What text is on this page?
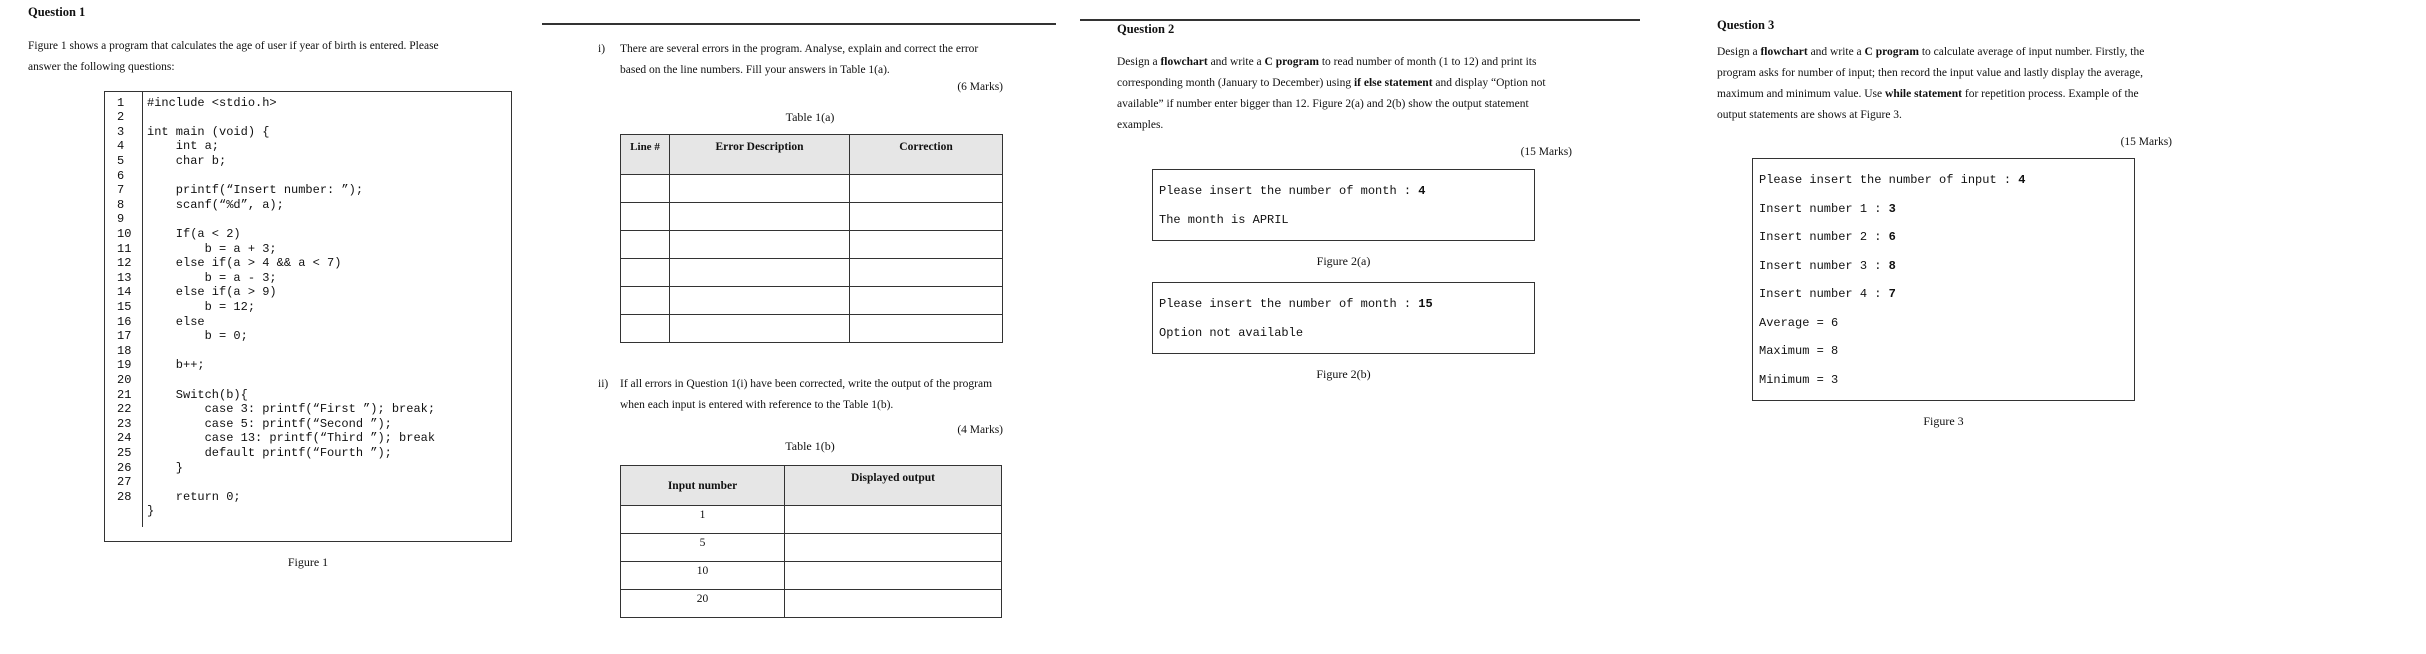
Question 1
Figure 1 shows a program that calculates the age of user if year of birth is entered. Please
answer the following questions:
1	#include <stdio.h>
2
3	int main (void) {
4	int a;
5	char b;
6
7	printf(“Insert number: ”);
8	scanf(“%d”, a);
9
10	If(a < 2)
11	b = a + 3;
12	else if(a > 4 && a < 7)
13	b = a - 3;
14	else if(a > 9)
15	b = 12;
16	else
17	b = 0;
18
19	b++;
20
21	Switch(b){
22	case 3: printf(“First ”); break;
23	case 5: printf(“Second ”);
24	case 13: printf(“Third ”); break
25	default printf(“Fourth ”);
26	}
27
28	return 0;
}
Figure 1
i) There are several errors in the program. Analyse, explain and correct the error
based on the line numbers. Fill your answers in Table 1(a).
(6 Marks)
Table 1(a)
Line #	Error Description	Correction

ii) If all errors in Question 1(i) have been corrected, write the output of the program
when each input is entered with reference to the Table 1(b).
(4 Marks)
Table 1(b)
Input number	Displayed output
1	
5	
10	
20	
Question 2
Design a flowchart and write a C program to read number of month (1 to 12) and print its
corresponding month (January to December) using if else statement and display “Option not
available” if number enter bigger than 12. Figure 2(a) and 2(b) show the output statement
examples.
(15 Marks)
Please insert the number of month : 4
The month is APRIL
Figure 2(a)
Please insert the number of month : 15
Option not available
Figure 2(b)
Question 3
Design a flowchart and write a C program to calculate average of input number. Firstly, the
program asks for number of input; then record the input value and lastly display the average,
maximum and minimum value. Use while statement for repetition process. Example of the
output statements are shows at Figure 3.
(15 Marks)
Please insert the number of input : 4
Insert number 1 : 3
Insert number 2 : 6
Insert number 3 : 8
Insert number 4 : 7
Average = 6
Maximum = 8
Minimum = 3
Figure 3
